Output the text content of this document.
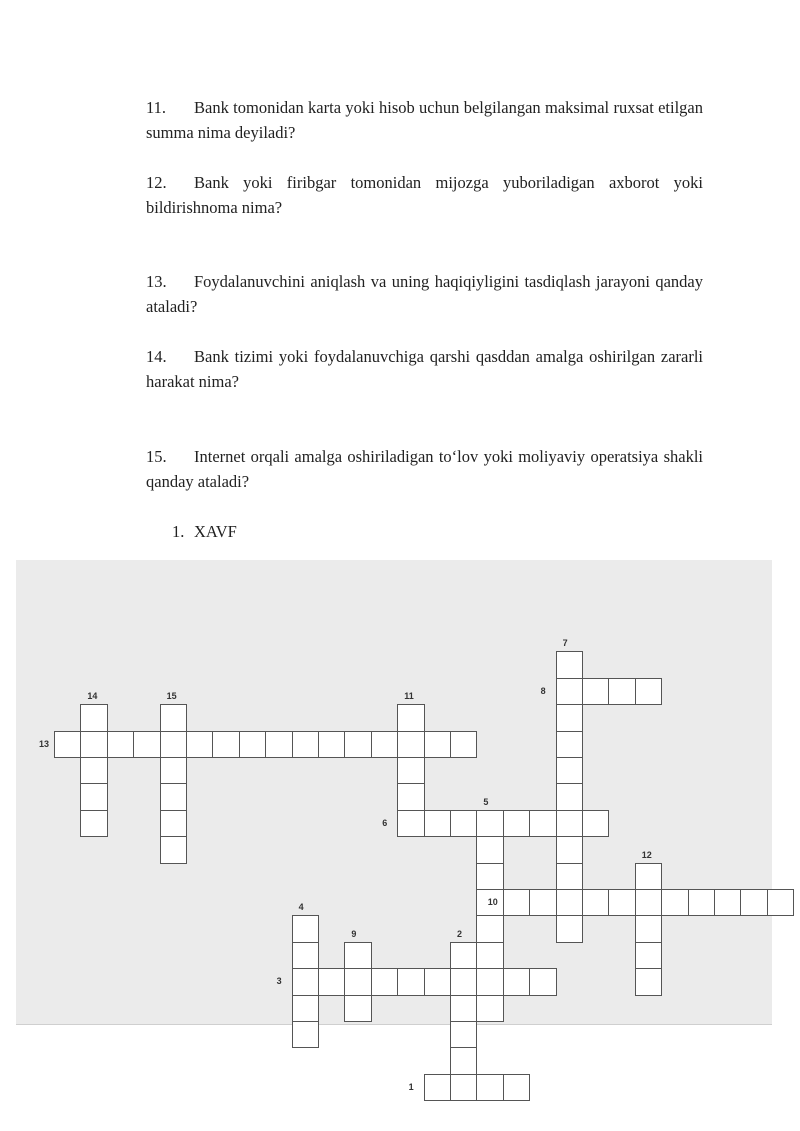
11. Bank tomonidan karta yoki hisob uchun belgilangan maksimal ruxsat etilgan summa nima deyiladi?

12. Bank yoki firibgar tomonidan mijozga yuboriladigan axborot yoki bildirishnoma nima?

13. Foydalanuvchini aniqlash va uning haqiqiyligini tasdiqlash jarayoni qanday ataladi?

14. Bank tizimi yoki foydalanuvchiga qarshi qasddan amalga oshirilgan zararli harakat nima?

15. Internet orqali amalga oshiriladigan to‘lov yoki moliyaviy operatsiya shakli qanday ataladi?

1. XAVF
13
14	15	11
8
7
6
5
10
12
4
9
3
2
1
